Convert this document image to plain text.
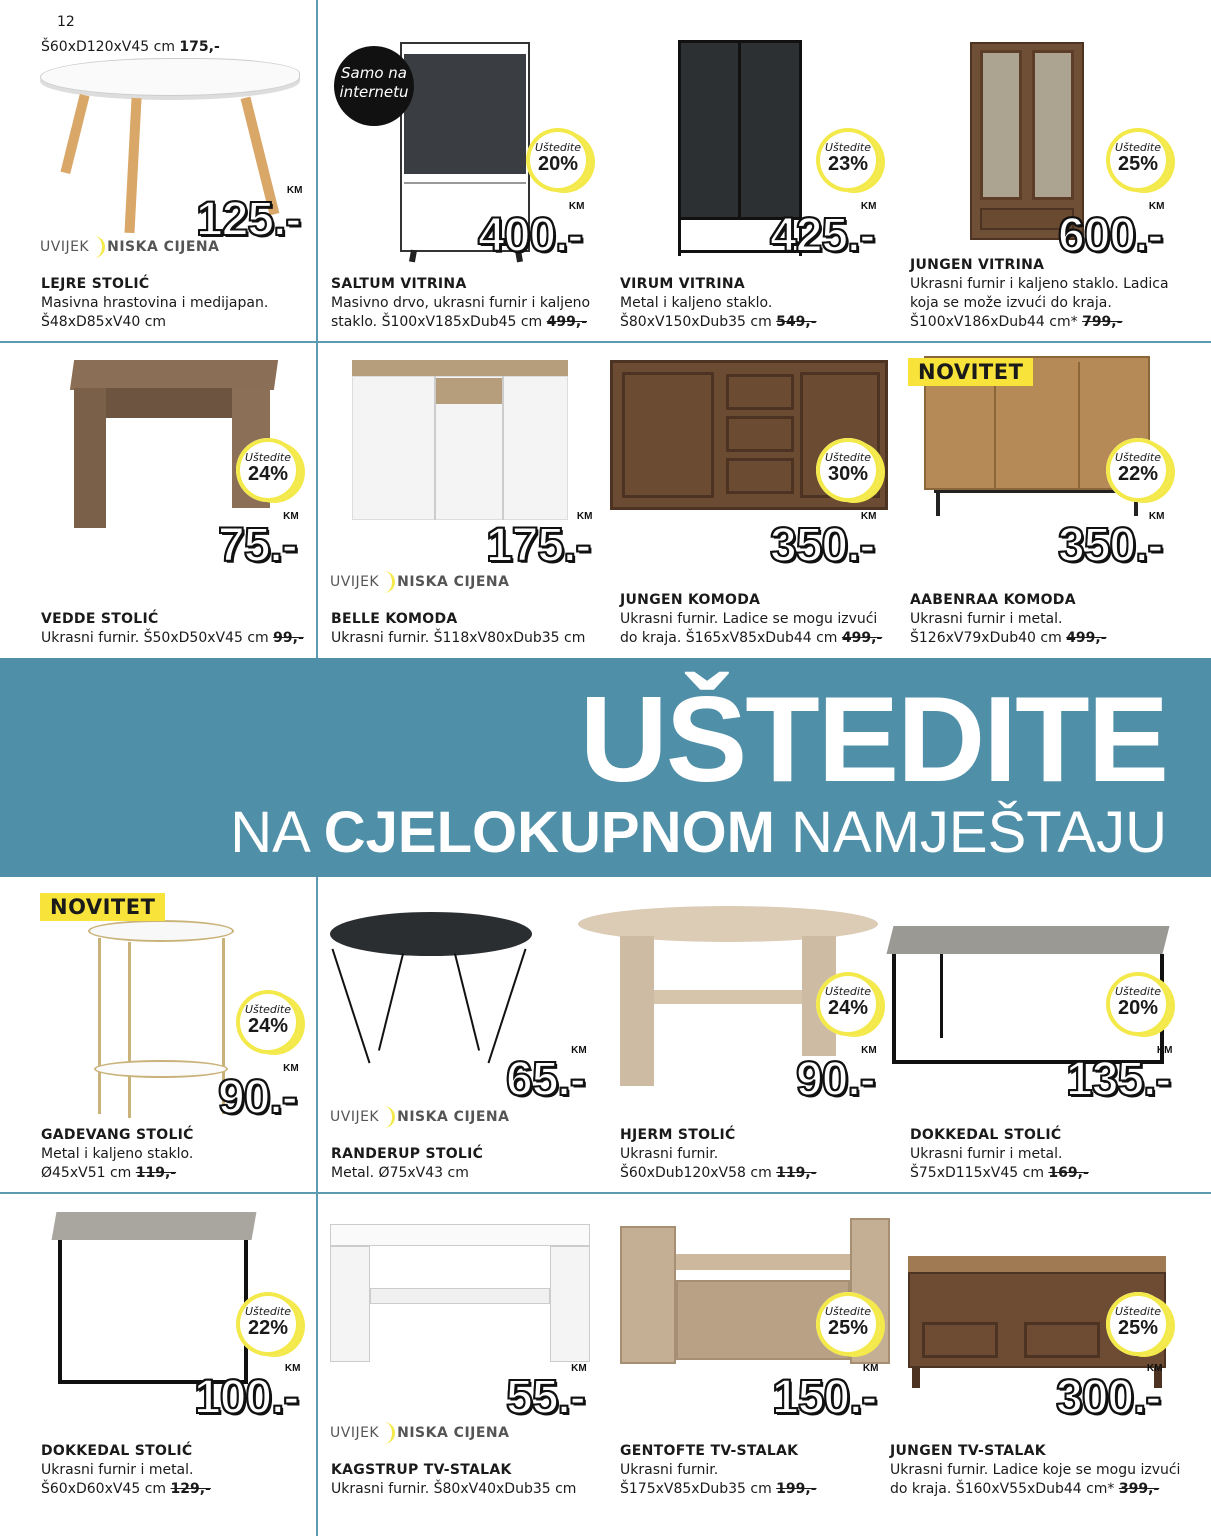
12
Š60xD120xV45 cm 175,-
UŠTEDITE
NA CJELOKUPNOM NAMJEŠTAJU
Samo na internetu
NOVITET
NOVITET
UVIJEK NISKA CIJENA
UVIJEK NISKA CIJENA
UVIJEK NISKA CIJENA
UVIJEK NISKA CIJENA
LEJRE STOLIĆ
Masivna hrastovina i medijapan.
Š48xD85xV40 cm
125.-
KM
SALTUM VITRINA
Masivno drvo, ukrasni furnir i kaljeno
staklo. Š100xV185xDub45 cm 499,-
400.-
KM
Uštedite
20%
VIRUM VITRINA
Metal i kaljeno staklo.
Š80xV150xDub35 cm 549,-
425.-
KM
Uštedite
23%
JUNGEN VITRINA
Ukrasni furnir i kaljeno staklo. Ladica
koja se može izvući do kraja.
Š100xV186xDub44 cm* 799,-
600.-
KM
Uštedite
25%
VEDDE STOLIĆ
Ukrasni furnir. Š50xD50xV45 cm 99,-
75.-
KM
Uštedite
24%
BELLE KOMODA
Ukrasni furnir. Š118xV80xDub35 cm
175.-
KM
JUNGEN KOMODA
Ukrasni furnir. Ladice se mogu izvući
do kraja. Š165xV85xDub44 cm 499,-
350.-
KM
Uštedite
30%
AABENRAA KOMODA
Ukrasni furnir i metal.
Š126xV79xDub40 cm 499,-
350.-
KM
Uštedite
22%
GADEVANG STOLIĆ
Metal i kaljeno staklo.
Ø45xV51 cm 119,-
90.-
KM
Uštedite
24%
RANDERUP STOLIĆ
Metal. Ø75xV43 cm
65.-
KM
HJERM STOLIĆ
Ukrasni furnir.
Š60xDub120xV58 cm 119,-
90.-
KM
Uštedite
24%
DOKKEDAL STOLIĆ
Ukrasni furnir i metal.
Š75xD115xV45 cm 169,-
135.-
KM
Uštedite
20%
DOKKEDAL STOLIĆ
Ukrasni furnir i metal.
Š60xD60xV45 cm 129,-
100.-
KM
Uštedite
22%
KAGSTRUP TV-STALAK
Ukrasni furnir. Š80xV40xDub35 cm
55.-
KM
GENTOFTE TV-STALAK
Ukrasni furnir.
Š175xV85xDub35 cm 199,-
150.-
KM
Uštedite
25%
JUNGEN TV-STALAK
Ukrasni furnir. Ladice koje se mogu izvući
do kraja. Š160xV55xDub44 cm* 399,-
300.-
KM
Uštedite
25%
